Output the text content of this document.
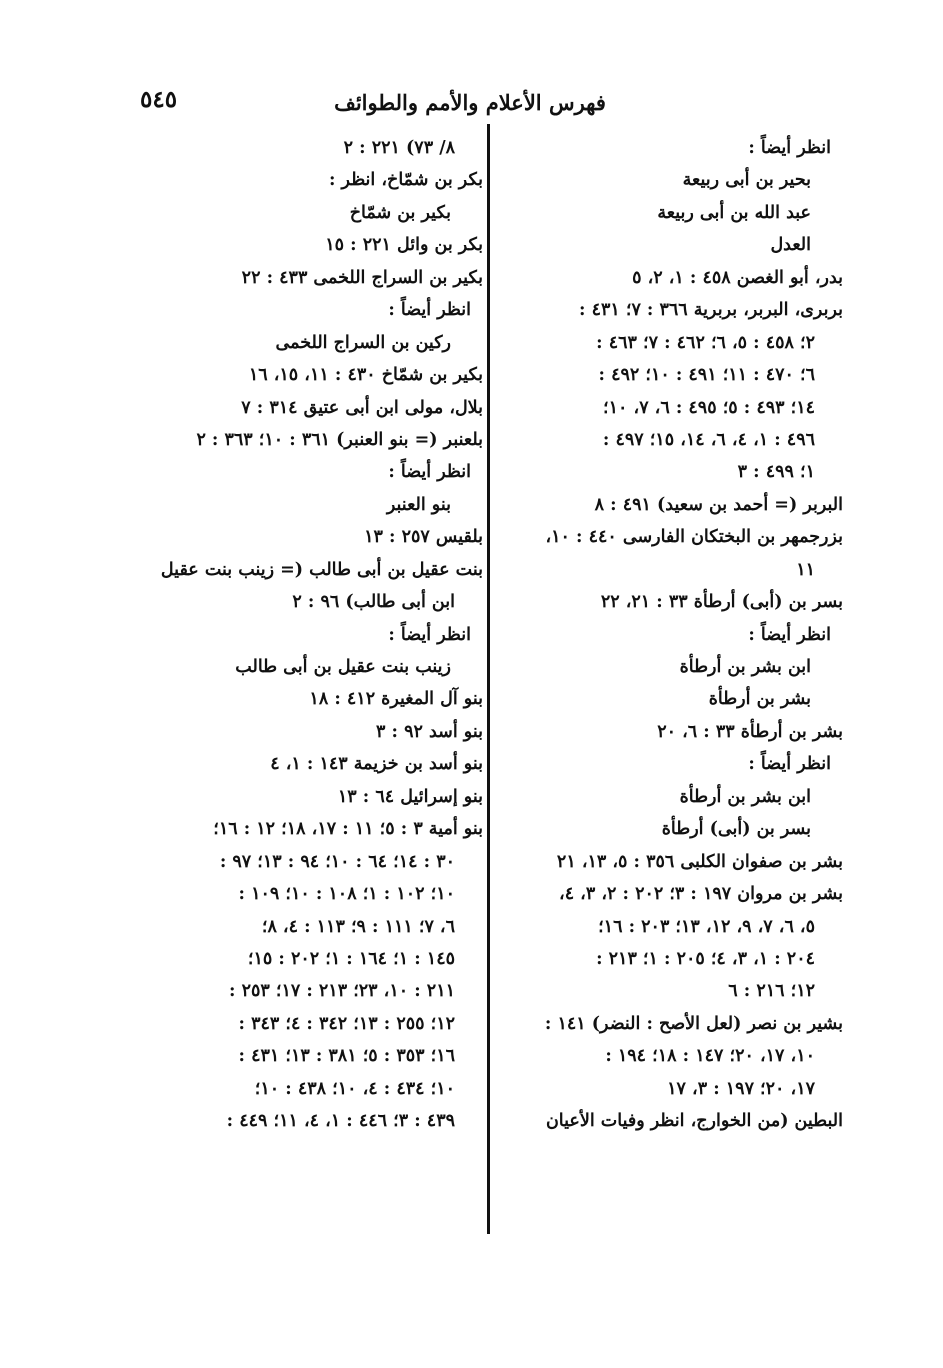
فهرس الأعلام والأمم والطوائف
٥٤٥
انظر أيضاً :
بحير بن أبى ربيعة
عبد الله بن أبى ربيعة
العدل
بدر، أبو الغصن ٤٥٨ : ١، ٢، ٥
بربرى، البربر، بربرية ٣٦٦ : ٧؛ ٤٣١ :
٢؛ ٤٥٨ : ٥، ٦؛ ٤٦٢ : ٧؛ ٤٦٣ :
٦؛ ٤٧٠ : ١١؛ ٤٩١ : ١٠؛ ٤٩٢ :
١٤؛ ٤٩٣ : ٥؛ ٤٩٥ : ٦، ٧، ١٠؛
٤٩٦ : ١، ٤، ٦، ١٤، ١٥؛ ٤٩٧ :
١؛ ٤٩٩ : ٣
البربر (= أحمد بن سعيد) ٤٩١ : ٨
بزرجمهر بن البختكان الفارسى ٤٤٠ : ١٠،
١١
بسر بن (أبى) أرطأة ٣٣ : ٢١، ٢٢
انظر أيضاً :
ابن بشر بن أرطأة
بشر بن أرطأة
بشر بن أرطأة ٣٣ : ٦، ٢٠
انظر أيضاً :
ابن بشر بن أرطأة
بسر بن (أبى) أرطأة
بشر بن صفوان الكلبى ٣٥٦ : ٥، ١٣، ٢١
بشر بن مروان ١٩٧ : ٣؛ ٢٠٢ : ٢، ٣، ٤،
٥، ٦، ٧، ٩، ١٢، ١٣؛ ٢٠٣ : ١٦؛
٢٠٤ : ١، ٣، ٤؛ ٢٠٥ : ١؛ ٢١٣ :
١٢؛ ٢١٦ : ٦
بشير بن نصر (لعل الأصح : النضر) ١٤١ :
١٠، ١٧، ٢٠؛ ١٤٧ : ١٨؛ ١٩٤ :
١٧، ٢٠؛ ١٩٧ : ٣، ١٧
البطين (من الخوارج، انظر وفيات الأعيان
٨/ ٧٣) ٢٢١ : ٢
بكر بن شمّاخ، انظر :
بكير بن شمّاخ
بكر بن وائل ٢٢١ : ١٥
بكير بن السراج اللخمى ٤٣٣ : ٢٢
انظر أيضاً :
ركين بن السراج اللخمى
بكير بن شمّاخ ٤٣٠ : ١١، ١٥، ١٦
بلال، مولى ابن أبى عتيق ٣١٤ : ٧
بلعنبر (= بنو العنبر) ٣٦١ : ١٠؛ ٣٦٣ : ٢
انظر أيضاً :
بنو العنبر
بلقيس ٢٥٧ : ١٣
بنت عقيل بن أبى طالب (= زينب بنت عقيل
ابن أبى طالب) ٩٦ : ٢
انظر أيضاً :
زينب بنت عقيل بن أبى طالب
بنو آل المغيرة ٤١٢ : ١٨
بنو أسد ٩٢ : ٣
بنو أسد بن خزيمة ١٤٣ : ١، ٤
بنو إسرائيل ٦٤ : ١٣
بنو أمية ٣ : ٥؛ ١١ : ١٧، ١٨؛ ١٢ : ١٦؛
٣٠ : ١٤؛ ٦٤ : ١٠؛ ٩٤ : ١٣؛ ٩٧ :
١٠؛ ١٠٢ : ١؛ ١٠٨ : ١٠؛ ١٠٩ :
٦، ٧؛ ١١١ : ٩؛ ١١٣ : ٤، ٨؛
١٤٥ : ١؛ ١٦٤ : ١؛ ٢٠٢ : ١٥؛
٢١١ : ١٠، ٢٣؛ ٢١٣ : ١٧؛ ٢٥٣ :
١٢؛ ٢٥٥ : ١٣؛ ٣٤٢ : ٤؛ ٣٤٣ :
١٦؛ ٣٥٣ : ٥؛ ٣٨١ : ١٣؛ ٤٣١ :
١٠؛ ٤٣٤ : ٤، ١٠؛ ٤٣٨ : ١٠؛
٤٣٩ : ٣؛ ٤٤٦ : ١، ٤، ١١؛ ٤٤٩ :
